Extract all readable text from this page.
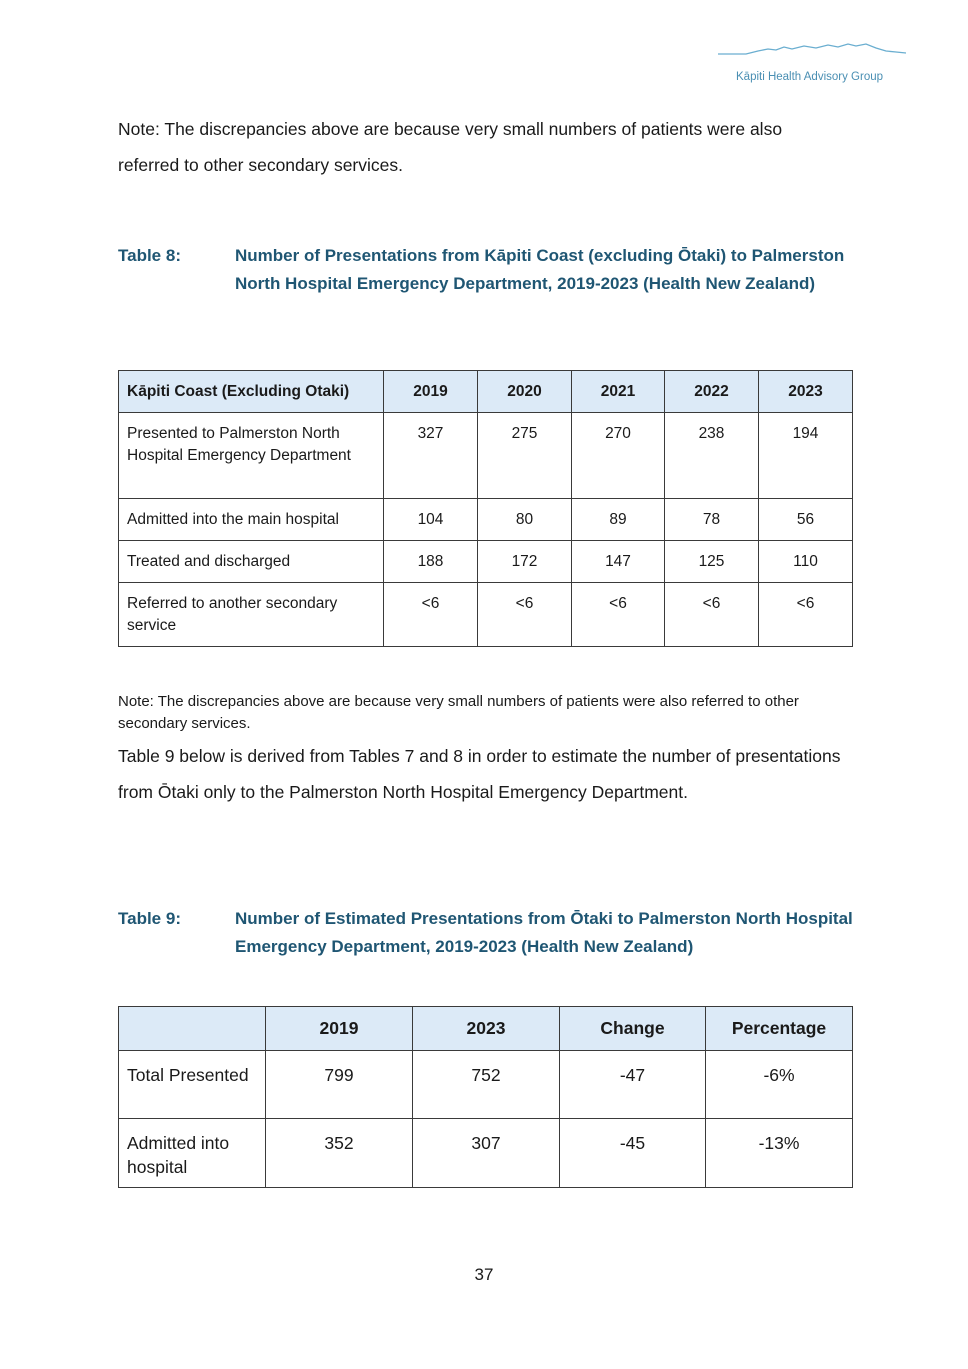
Kāpiti Health Advisory Group

Note: The discrepancies above are because very small numbers of patients were also referred to other secondary services.

Table 8:	Number of Presentations from Kāpiti Coast (excluding Ōtaki) to Palmerston North Hospital Emergency Department, 2019-2023 (Health New Zealand)
Kāpiti Coast (Excluding Otaki)	2019	2020	2021	2022	2023
Presented to Palmerston North Hospital Emergency Department	327	275	270	238	194
Admitted into the main hospital	104	80	89	78	56
Treated and discharged	188	172	147	125	110
Referred to another secondary service	<6	<6	<6	<6	<6

Note: The discrepancies above are because very small numbers of patients were also referred to other secondary services.

Table 9 below is derived from Tables 7 and 8 in order to estimate the number of presentations from Ōtaki only to the Palmerston North Hospital Emergency Department.

Table 9:	Number of Estimated Presentations from Ōtaki to Palmerston North Hospital Emergency Department, 2019-2023 (Health New Zealand)
	2019	2023	Change	Percentage
Total Presented	799	752	-47	-6%
Admitted into hospital	352	307	-45	-13%
37
